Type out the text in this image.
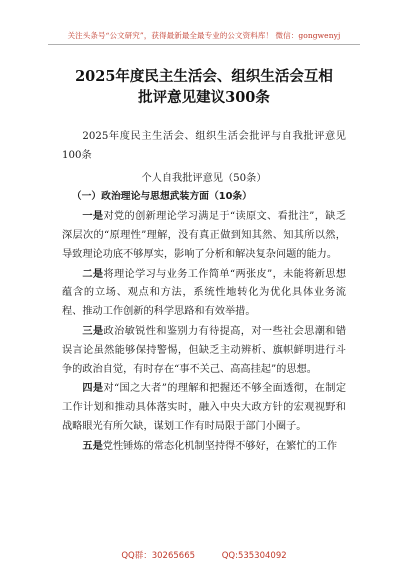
关注头条号“公文研究”，获得最新最全最专业的公文资料库！ 微信：gongwenyj
2025年度民主生活会、组织生活会互相
批评意见建议300条

2025年度民主生活会、组织生活会批评与自我批评意见100条

个人自我批评意见（50条）

（一）政治理论与思想武装方面（10条）

一是对党的创新理论学习满足于“读原文、看批注”，缺乏深层次的“原理性”理解，没有真正做到知其然、知其所以然，导致理论功底不够厚实，影响了分析和解决复杂问题的能力。

二是将理论学习与业务工作简单“两张皮”，未能将新思想蕴含的立场、观点和方法，系统性地转化为优化具体业务流程、推动工作创新的科学思路和有效举措。

三是政治敏锐性和鉴别力有待提高，对一些社会思潮和错误言论虽然能够保持警惕，但缺乏主动辨析、旗帜鲜明进行斗争的政治自觉，有时存在“事不关己、高高挂起”的思想。

四是对“国之大者”的理解和把握还不够全面透彻，在制定工作计划和推动具体落实时，融入中央大政方针的宏观视野和战略眼光有所欠缺，谋划工作有时局限于部门小圈子。

五是党性锤炼的常态化机制坚持得不够好，在繁忙的工作

QQ群：30265665	QQ:535304092
